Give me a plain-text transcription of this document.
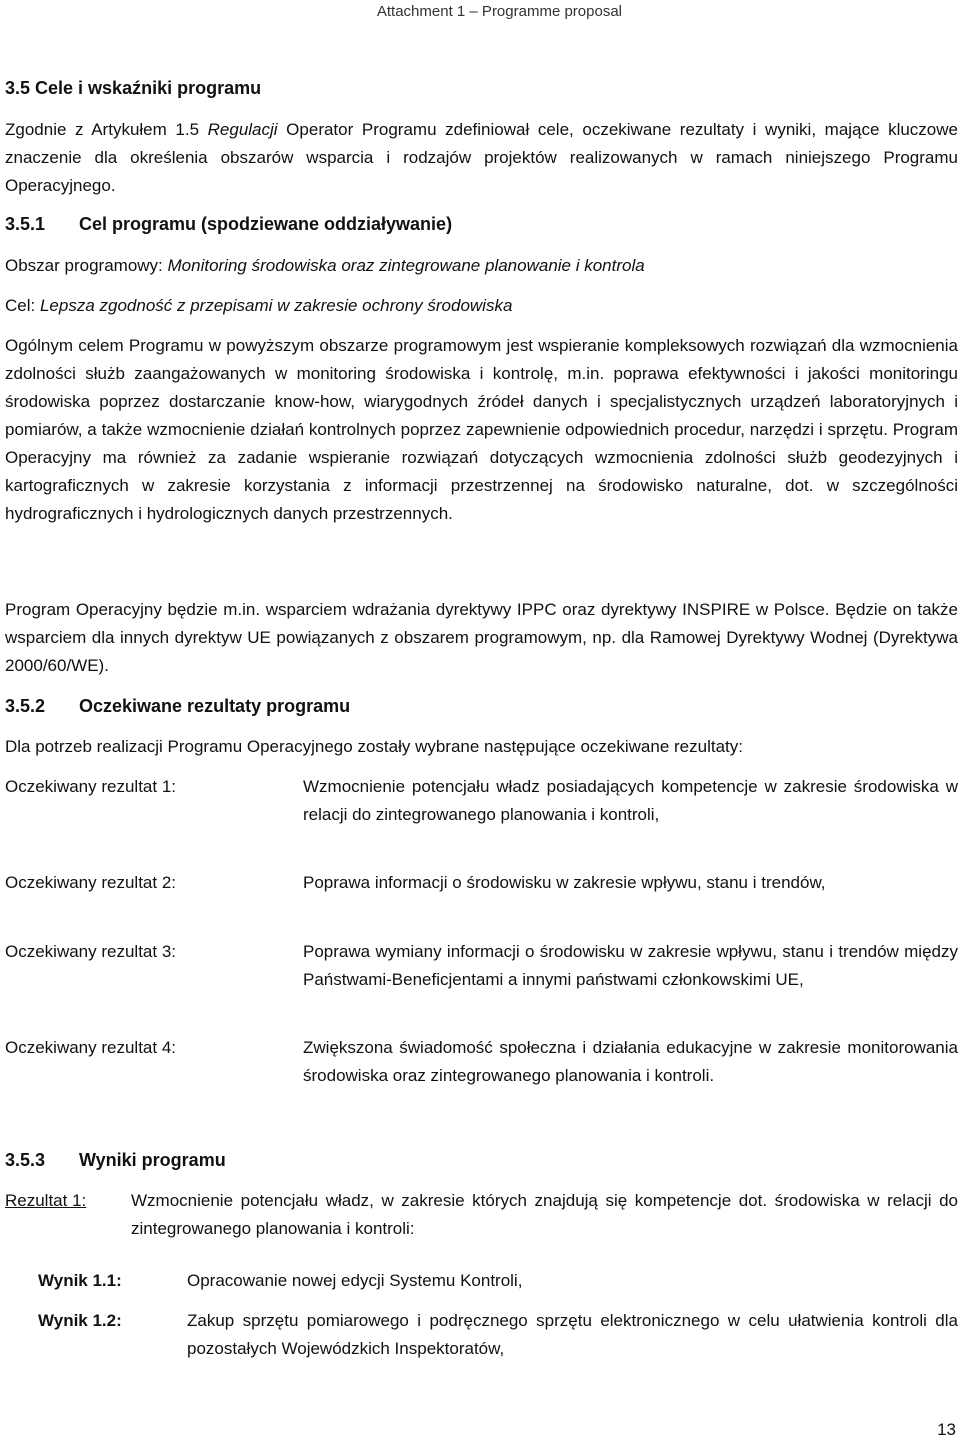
Attachment 1 – Programme proposal
3.5 Cele i wskaźniki programu
Zgodnie z Artykułem 1.5 Regulacji Operator Programu zdefiniował cele, oczekiwane rezultaty i wyniki, mające kluczowe znaczenie dla określenia obszarów wsparcia i rodzajów projektów realizowanych w ramach niniejszego Programu Operacyjnego.
3.5.1 Cel programu (spodziewane oddziaływanie)
Obszar programowy: Monitoring środowiska oraz zintegrowane planowanie i kontrola
Cel: Lepsza zgodność z przepisami w zakresie ochrony środowiska
Ogólnym celem Programu w powyższym obszarze programowym jest wspieranie kompleksowych rozwiązań dla wzmocnienia zdolności służb zaangażowanych w monitoring środowiska i kontrolę, m.in. poprawa efektywności i jakości monitoringu środowiska poprzez dostarczanie know-how, wiarygodnych źródeł danych i specjalistycznych urządzeń laboratoryjnych i pomiarów, a także wzmocnienie działań kontrolnych poprzez zapewnienie odpowiednich procedur, narzędzi i sprzętu. Program Operacyjny ma również za zadanie wspieranie rozwiązań dotyczących wzmocnienia zdolności służb geodezyjnych i kartograficznych w zakresie korzystania z informacji przestrzennej na środowisko naturalne, dot. w szczególności hydrograficznych i hydrologicznych danych przestrzennych.
Program Operacyjny będzie m.in. wsparciem wdrażania dyrektywy IPPC oraz dyrektywy INSPIRE w Polsce. Będzie on także wsparciem dla innych dyrektyw UE powiązanych z obszarem programowym, np. dla Ramowej Dyrektywy Wodnej (Dyrektywa 2000/60/WE).
3.5.2 Oczekiwane rezultaty programu
Dla potrzeb realizacji Programu Operacyjnego zostały wybrane następujące oczekiwane rezultaty:
Oczekiwany rezultat 1:	Wzmocnienie potencjału władz posiadających kompetencje w zakresie środowiska w relacji do zintegrowanego planowania i kontroli,
Oczekiwany rezultat 2:	Poprawa informacji o środowisku w zakresie wpływu, stanu i trendów,
Oczekiwany rezultat 3:	Poprawa wymiany informacji o środowisku w zakresie wpływu, stanu i trendów między Państwami-Beneficjentami a innymi państwami członkowskimi UE,
Oczekiwany rezultat 4:	Zwiększona świadomość społeczna i działania edukacyjne w zakresie monitorowania środowiska oraz zintegrowanego planowania i kontroli.
3.5.3 Wyniki programu
Rezultat 1:	Wzmocnienie potencjału władz, w zakresie których znajdują się kompetencje dot. środowiska w relacji do zintegrowanego planowania i kontroli:
Wynik 1.1:	Opracowanie nowej edycji Systemu Kontroli,
Wynik 1.2:	Zakup sprzętu pomiarowego i podręcznego sprzętu elektronicznego w celu ułatwienia kontroli dla pozostałych Wojewódzkich Inspektoratów,
13
